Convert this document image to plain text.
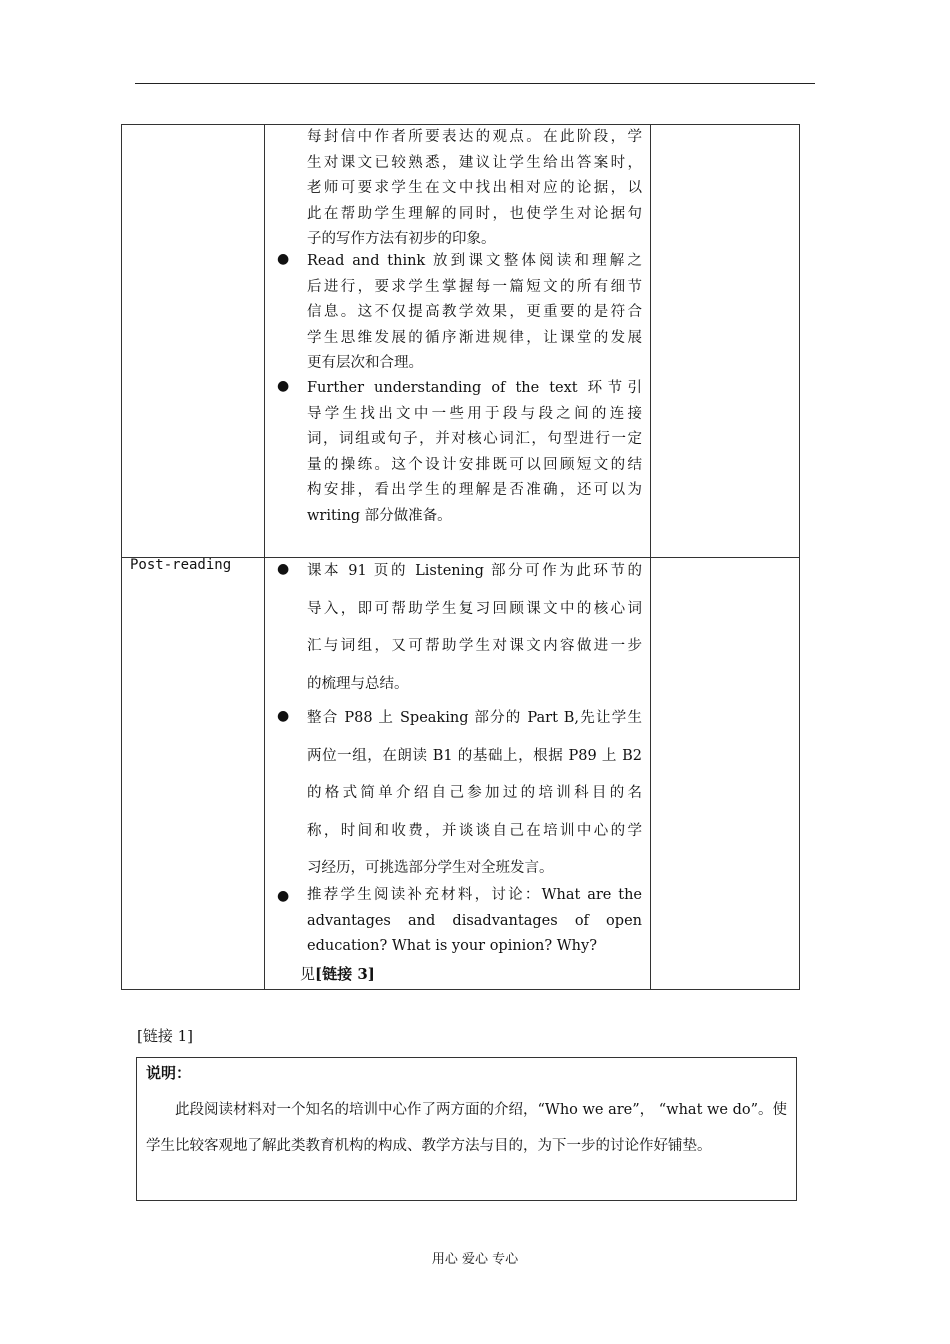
Post-reading
每封信中作者所要表达的观点。在此阶段，学
生对课文已较熟悉，建议让学生给出答案时，
老师可要求学生在文中找出相对应的论据，以
此在帮助学生理解的同时，也使学生对论据句
子的写作方法有初步的印象。
● Read and think 放到课文整体阅读和理解之
后进行，要求学生掌握每一篇短文的所有细节
信息。这不仅提高教学效果，更重要的是符合
学生思维发展的循序渐进规律，让课堂的发展
更有层次和合理。
● Further understanding of the text 环节引
导学生找出文中一些用于段与段之间的连接
词，词组或句子，并对核心词汇，句型进行一定
量的操练。这个设计安排既可以回顾短文的结
构安排，看出学生的理解是否准确，还可以为
writing 部分做准备。
● 课本 91 页的 Listening 部分可作为此环节的
导入，即可帮助学生复习回顾课文中的核心词
汇与词组，又可帮助学生对课文内容做进一步
的梳理与总结。
● 整合 P88 上 Speaking 部分的 Part B,先让学生
两位一组，在朗读 B1 的基础上，根据 P89 上 B2
的格式简单介绍自己参加过的培训科目的名
称，时间和收费，并谈谈自己在培训中心的学
习经历，可挑选部分学生对全班发言。
● 推荐学生阅读补充材料，讨论：What are the
advantages and disadvantages of open
education? What is your opinion? Why?
见[链接 3]
[链接 1]
说明：
　　此段阅读材料对一个知名的培训中心作了两方面的介绍，“Who we are”， “what we do”。使学生比较客观地了解此类教育机构的构成、教学方法与目的，为下一步的讨论作好铺垫。
用心 爱心 专心
